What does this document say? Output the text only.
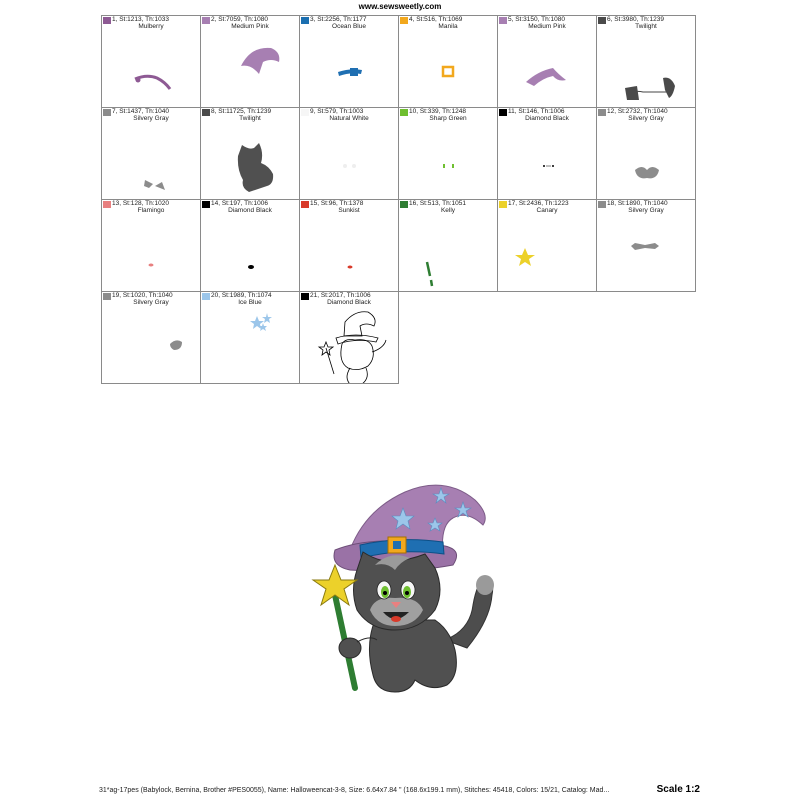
www.sewsweetly.com
1, St:1213, Th:1033
Mulberry
2, St:7059, Th:1080
Medium Pink
3, St:2256, Th:1177
Ocean Blue
4, St:516, Th:1069
Manila
5, St:3150, Th:1080
Medium Pink
6, St:3980, Th:1239
Twilight
7, St:1437, Th:1040
Silvery Gray
8, St:11725, Th:1239
Twilight
9, St:579, Th:1003
Natural White
10, St:339, Th:1248
Sharp Green
11, St:146, Th:1006
Diamond Black
12, St:2732, Th:1040
Silvery Gray
13, St:128, Th:1020
Flamingo
14, St:197, Th:1006
Diamond Black
15, St:96, Th:1378
Sunkist
16, St:513, Th:1051
Kelly
17, St:2436, Th:1223
Canary
18, St:1890, Th:1040
Silvery Gray
19, St:1020, Th:1040
Silvery Gray
20, St:1989, Th:1074
Ice Blue
21, St:2017, Th:1006
Diamond Black
31*ag-17pes (Babylock, Bernina, Brother #PES0055), Name: Halloweencat-3-8, Size: 6.64x7.84 " (168.6x199.1 mm), Stitches: 45418, Colors: 15/21, Catalog: Mad...	Scale 1:2
